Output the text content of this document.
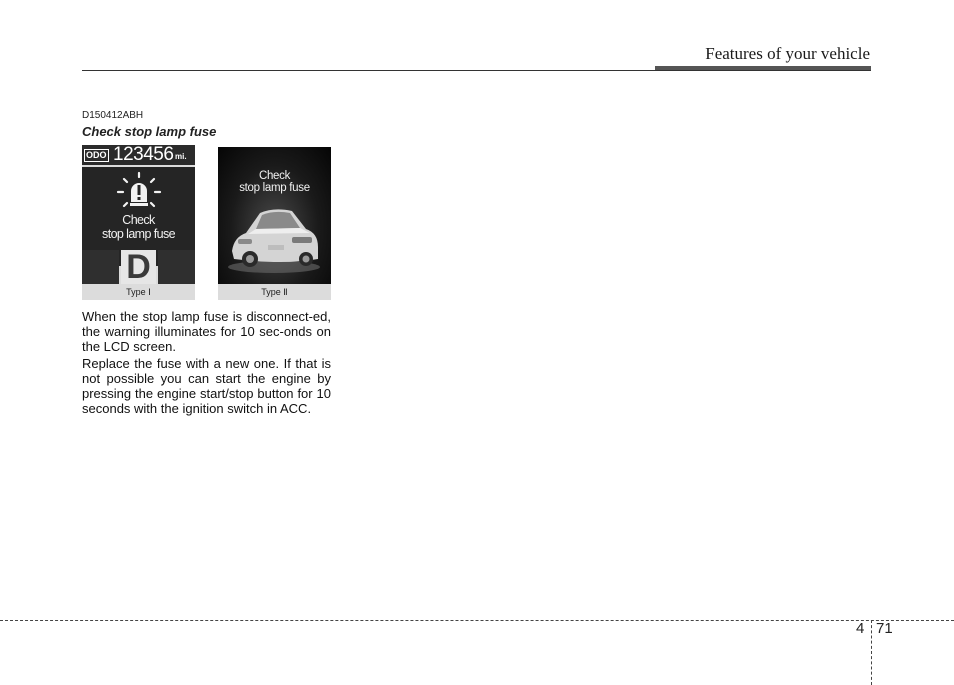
Features of your vehicle
D150412ABH
Check stop lamp fuse
ODO 123456 mi.
Check
stop lamp fuse
D
Type Ⅰ
Check
stop lamp fuse
Type Ⅱ

When the stop lamp fuse is disconnect-ed, the warning illuminates for 10 sec-onds on the LCD screen.

Replace the fuse with a new one. If that is not possible you can start the engine by pressing the engine start/stop button for 10 seconds with the ignition switch in ACC.

4 71
